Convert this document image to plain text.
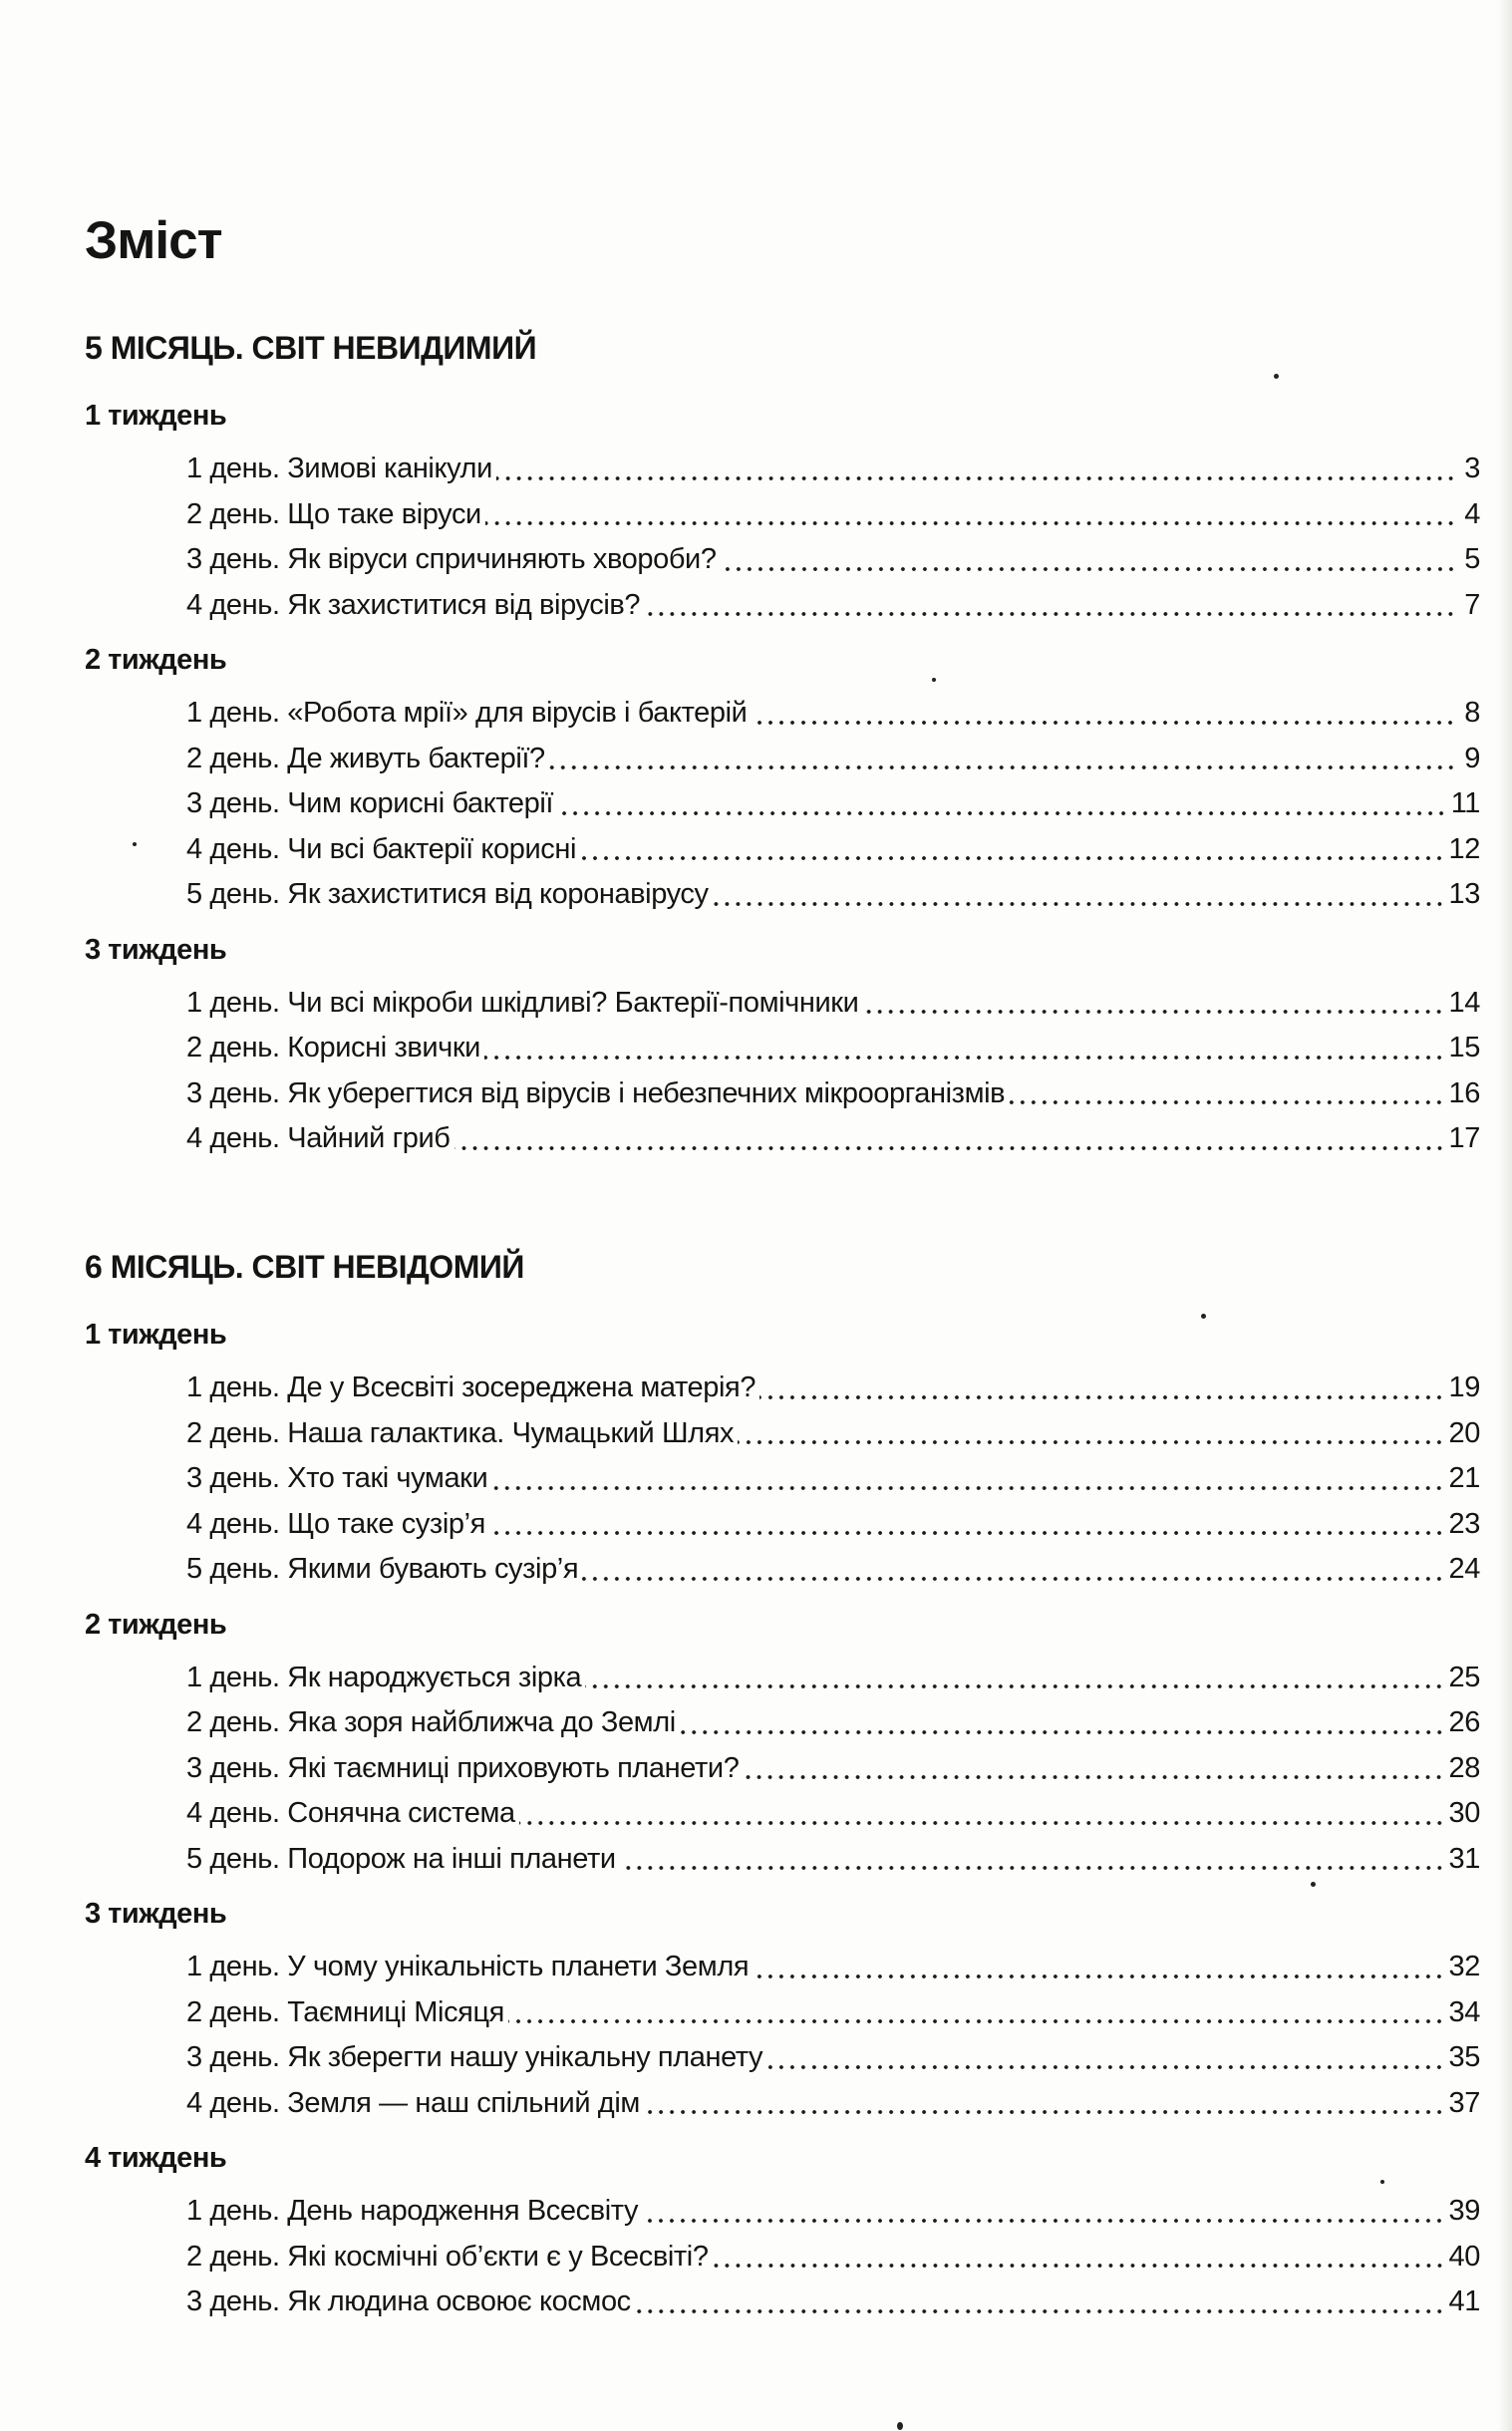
Зміст
5 МІСЯЦЬ. СВІТ НЕВИДИМИЙ
1 тиждень
1 день. Зимові канікули	3
2 день. Що таке віруси	4
3 день. Як віруси спричиняють хвороби?	5
4 день. Як захиститися від вірусів?	7
2 тиждень
1 день. «Робота мрії» для вірусів і бактерій	8
2 день. Де живуть бактерії?	9
3 день. Чим корисні бактерії	11
4 день. Чи всі бактерії корисні	12
5 день. Як захиститися від коронавірусу	13
3 тиждень
1 день. Чи всі мікроби шкідливі? Бактерії-помічники	14
2 день. Корисні звички	15
3 день. Як уберегтися від вірусів і небезпечних мікроорганізмів	16
4 день. Чайний гриб	17
6 МІСЯЦЬ. СВІТ НЕВІДОМИЙ
1 тиждень
1 день. Де у Всесвіті зосереджена матерія?	19
2 день. Наша галактика. Чумацький Шлях	20
3 день. Хто такі чумаки	21
4 день. Що таке сузір’я	23
5 день. Якими бувають сузір’я	24
2 тиждень
1 день. Як народжується зірка	25
2 день. Яка зоря найближча до Землі	26
3 день. Які таємниці приховують планети?	28
4 день. Сонячна система	30
5 день. Подорож на інші планети	31
3 тиждень
1 день. У чому унікальність планети Земля	32
2 день. Таємниці Місяця	34
3 день. Як зберегти нашу унікальну планету	35
4 день. Земля — наш спільний дім	37
4 тиждень
1 день. День народження Всесвіту	39
2 день. Які космічні об’єкти є у Всесвіті?	40
3 день. Як людина освоює космос	41
